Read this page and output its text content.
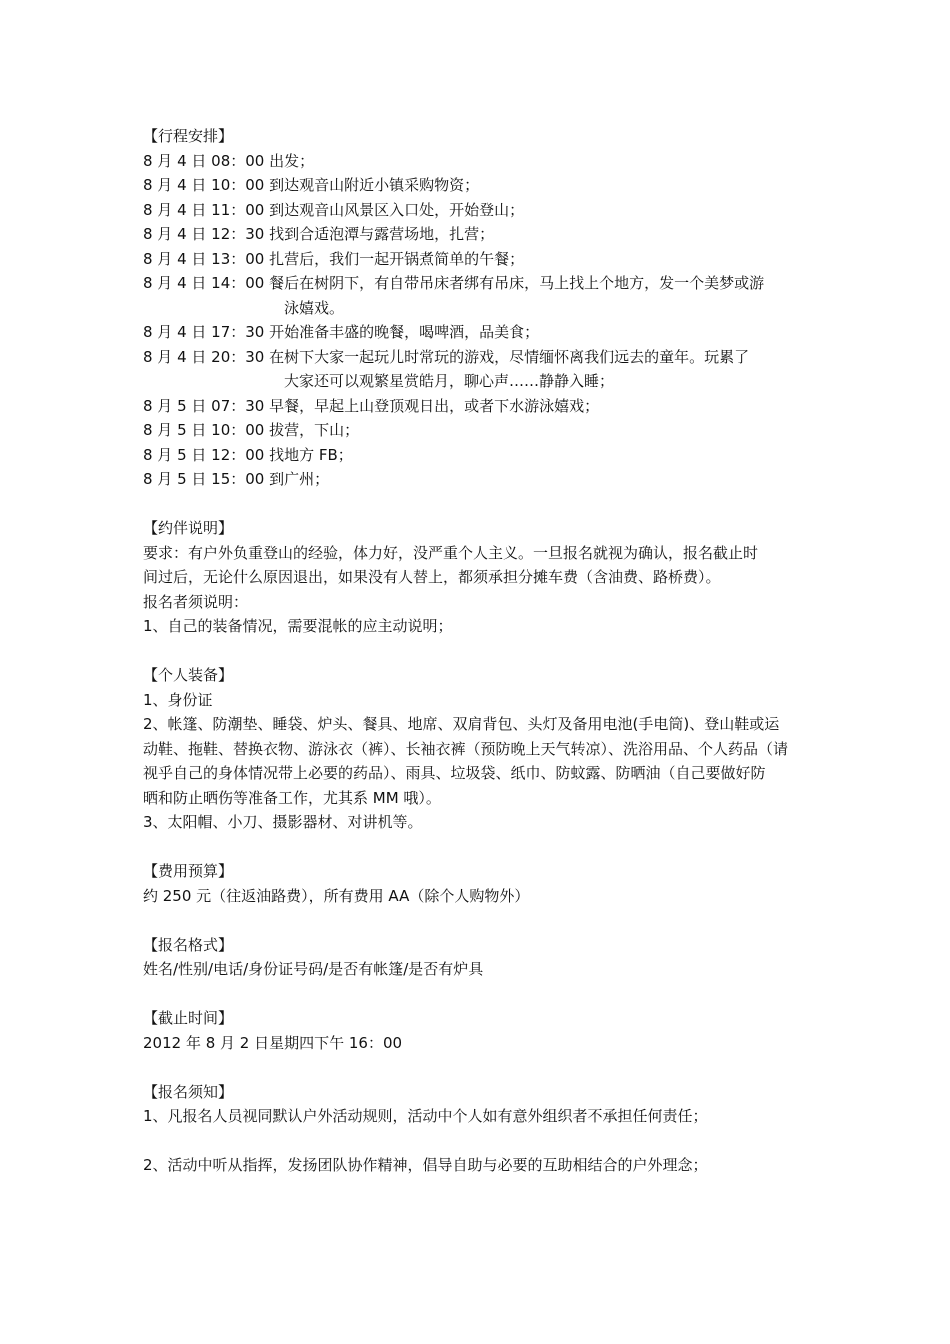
【行程安排】
8 月 4 日 08：00 出发；
8 月 4 日 10：00 到达观音山附近小镇采购物资；
8 月 4 日 11：00 到达观音山风景区入口处，开始登山；
8 月 4 日 12：30 找到合适泡潭与露营场地，扎营；
8 月 4 日 13：00 扎营后，我们一起开锅煮简单的午餐；
8 月 4 日 14：00 餐后在树阴下，有自带吊床者绑有吊床，马上找上个地方，发一个美梦或游
泳嬉戏。
8 月 4 日 17：30 开始准备丰盛的晚餐，喝啤酒，品美食；
8 月 4 日 20：30 在树下大家一起玩儿时常玩的游戏，尽情缅怀离我们远去的童年。玩累了
大家还可以观繁星赏皓月，聊心声……静静入睡；
8 月 5 日 07：30 早餐，早起上山登顶观日出，或者下水游泳嬉戏；
8 月 5 日 10：00 拔营，下山；
8 月 5 日 12：00 找地方 FB；
8 月 5 日 15：00 到广州；
【约伴说明】
要求：有户外负重登山的经验，体力好，没严重个人主义。一旦报名就视为确认，报名截止时
间过后，无论什么原因退出，如果没有人替上，都须承担分摊车费（含油费、路桥费）。
报名者须说明：
1、自己的装备情况，需要混帐的应主动说明；
【个人装备】
1、身份证
2、帐篷、防潮垫、睡袋、炉头、餐具、地席、双肩背包、头灯及备用电池(手电筒)、登山鞋或运
动鞋、拖鞋、替换衣物、游泳衣（裤）、长袖衣裤（预防晚上天气转凉）、洗浴用品、个人药品（请
视乎自己的身体情况带上必要的药品）、雨具、垃圾袋、纸巾、防蚊露、防晒油（自己要做好防
晒和防止晒伤等准备工作，尤其系 MM 哦）。
3、太阳帽、小刀、摄影器材、对讲机等。
【费用预算】
约 250 元（往返油路费），所有费用 AA（除个人购物外）
【报名格式】
姓名/性别/电话/身份证号码/是否有帐篷/是否有炉具
【截止时间】
2012 年 8 月 2 日星期四下午 16：00
【报名须知】
1、凡报名人员视同默认户外活动规则，活动中个人如有意外组织者不承担任何责任；
2、活动中听从指挥，发扬团队协作精神，倡导自助与必要的互助相结合的户外理念；
